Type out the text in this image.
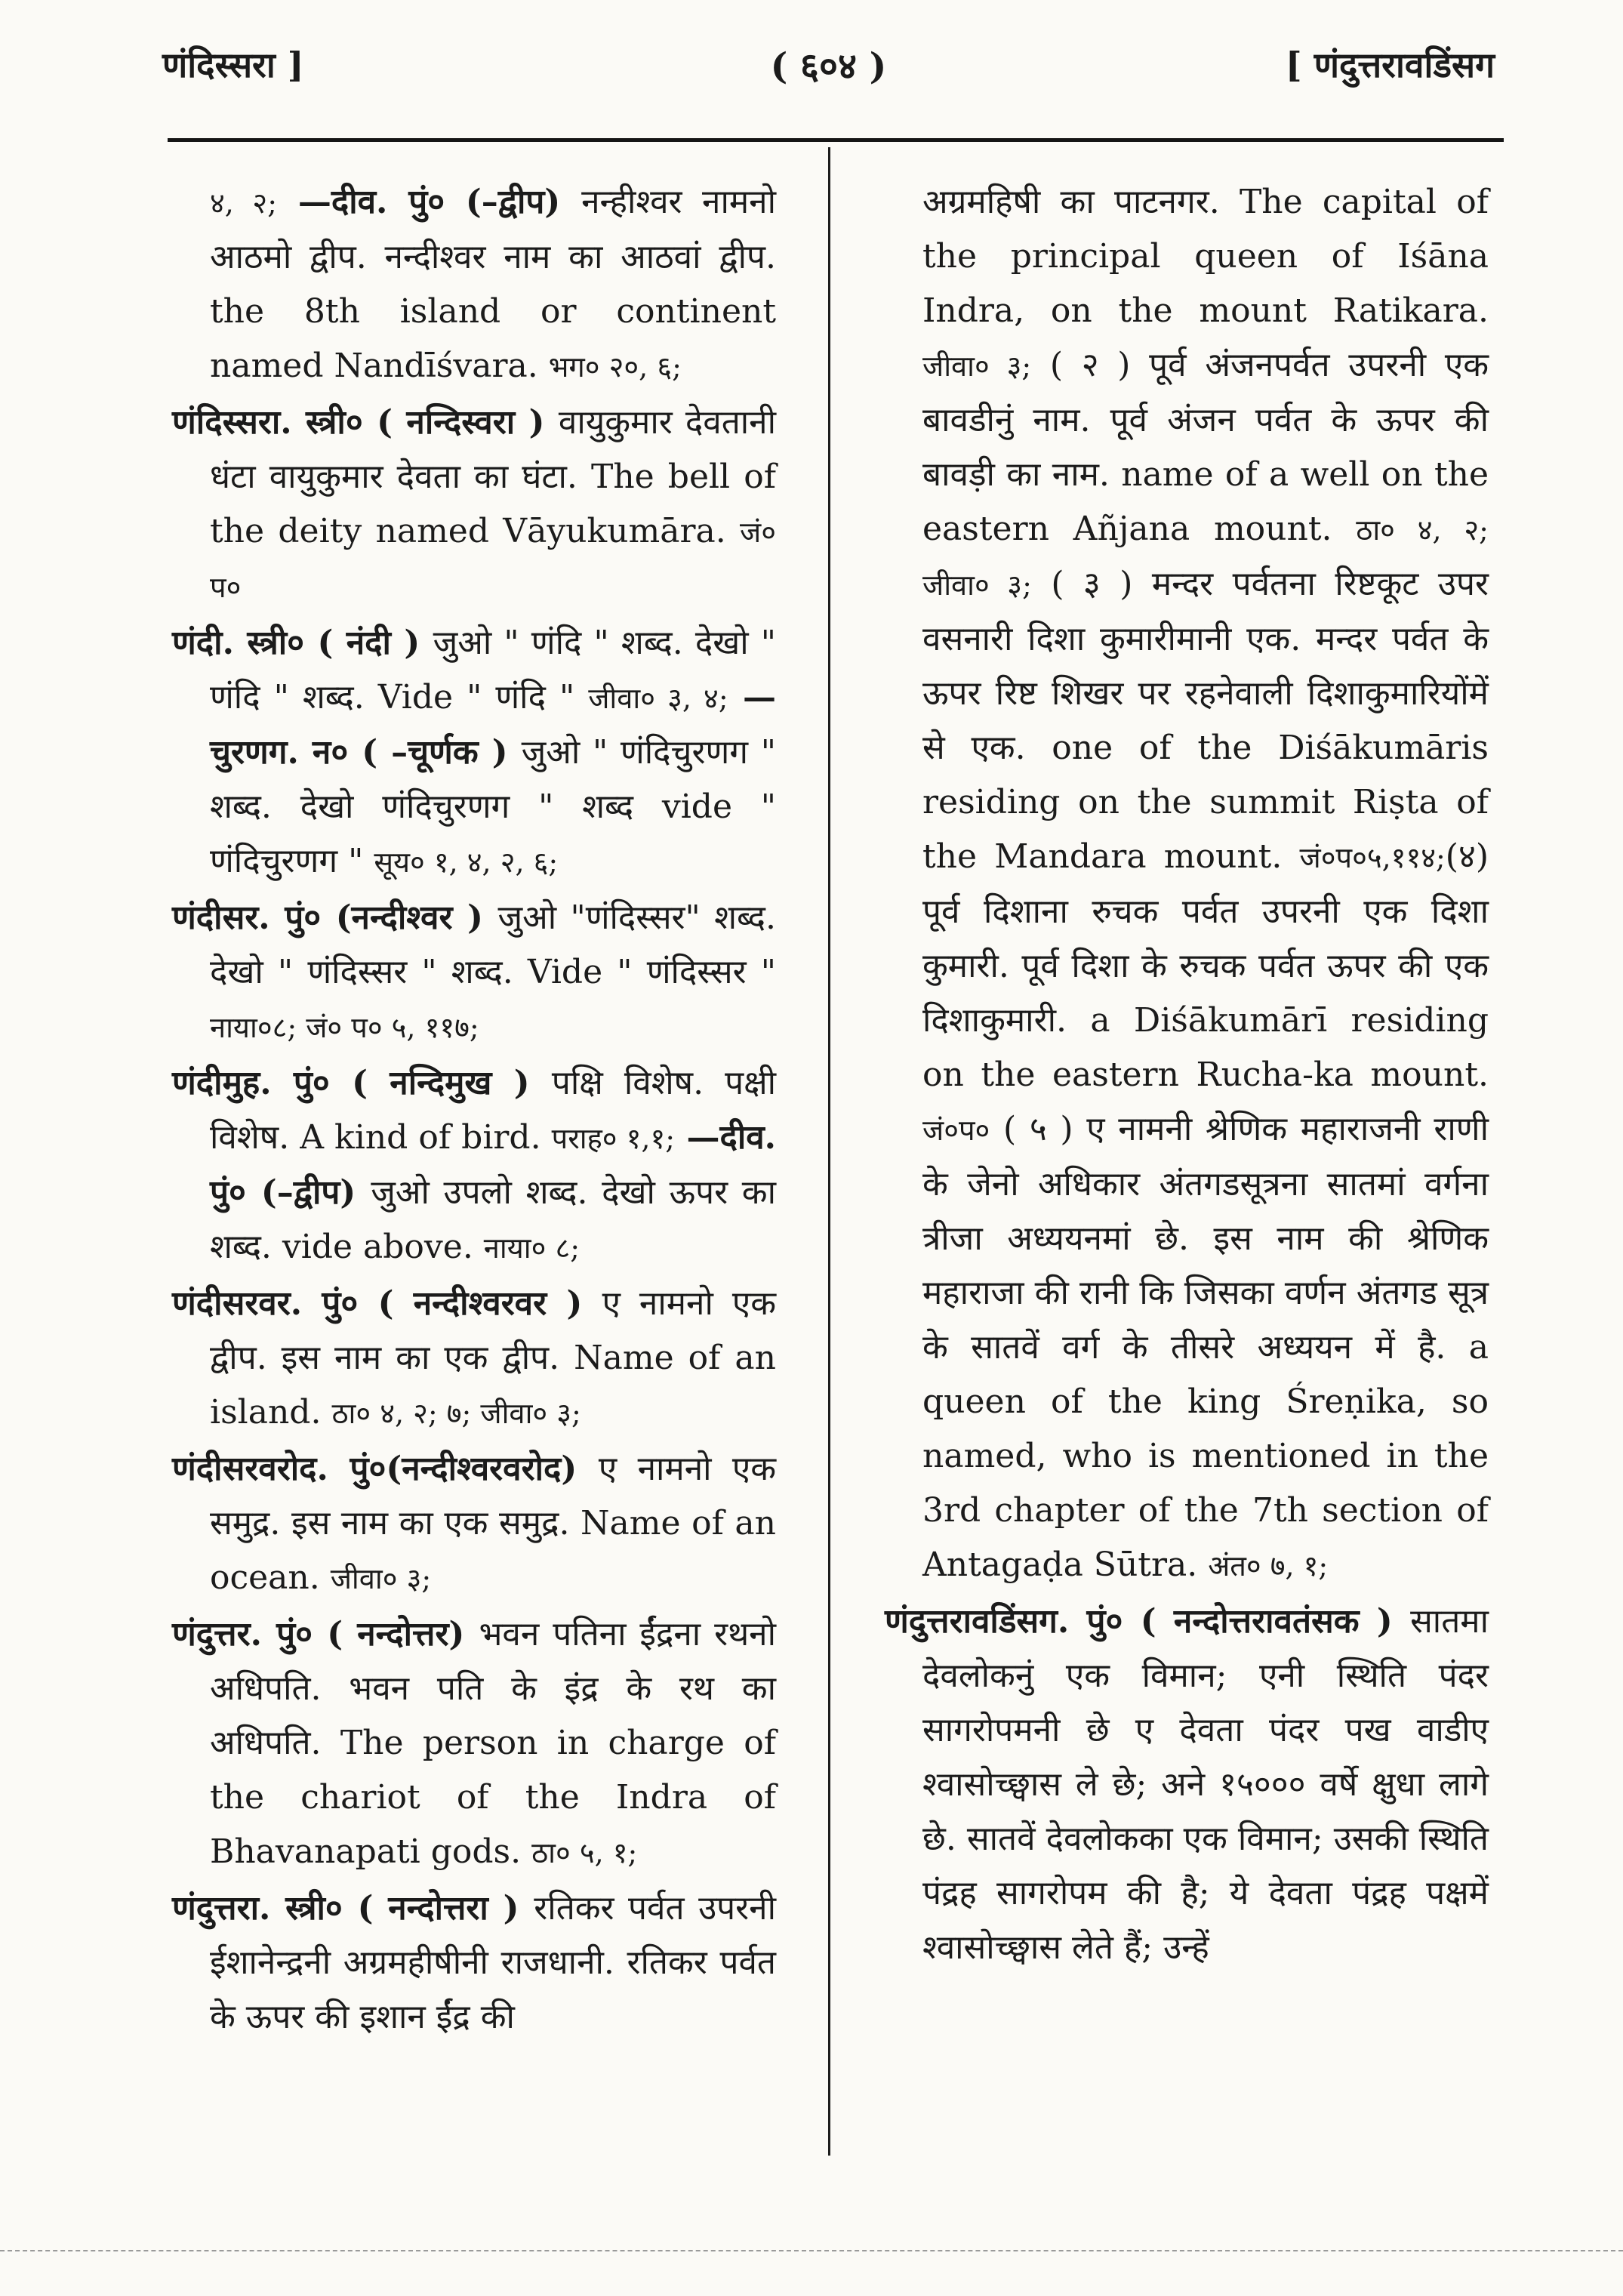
णंदिस्सरा ]	( ६०४ )	[ णंदुत्तरावडिंसग

४, २; —दीव. पुं० (–द्वीप) नन्हीश्वर नामनो आठमो द्वीप. नन्दीश्वर नाम का आठवां द्वीप. the 8th island or continent named Nandīśvara. भग० २०, ६;

णंदिस्सरा. स्त्री० ( नन्दिस्वरा ) वायुकुमार देवतानी धंटा वायुकुमार देवता का घंटा. The bell of the deity named Vāyukumāra. जं० प०

णंदी. स्त्री० ( नंदी ) जुओ " णंदि " शब्द. देखो " णंदि " शब्द. Vide " णंदि " जीवा० ३, ४; —चुरणग. न० ( –चूर्णक ) जुओ " णंदिचुरणग " शब्द. देखो णंदिचुरणग " शब्द vide " णंदिचुरणग " सूय० १, ४, २, ६;

णंदीसर. पुं० (नन्दीश्वर ) जुओ "णंदिस्सर" शब्द. देखो " णंदिस्सर " शब्द. Vide " णंदिस्सर " नाया०८; जं० प० ५, ११७;

णंदीमुह. पुं० ( नन्दिमुख ) पक्षि विशेष. पक्षी विशेष. A kind of bird. पराह० १,१; —दीव. पुं० (–द्वीप) जुओ उपलो शब्द. देखो ऊपर का शब्द. vide above. नाया० ८;

णंदीसरवर. पुं० ( नन्दीश्वरवर ) ए नामनो एक द्वीप. इस नाम का एक द्वीप. Name of an island. ठा० ४, २; ७; जीवा० ३;

णंदीसरवरोद. पुं०(नन्दीश्वरवरोद) ए नामनो एक समुद्र. इस नाम का एक समुद्र. Name of an ocean. जीवा० ३;

णंदुत्तर. पुं० ( नन्दोत्तर) भवन पतिना ईंद्रना रथनो अधिपति. भवन पति के इंद्र के रथ का अधिपति. The person in charge of the chariot of the Indra of Bhavanapati gods. ठा० ५, १;

णंदुत्तरा. स्त्री० ( नन्दोत्तरा ) रतिकर पर्वत उपरनी ईशानेन्द्रनी अग्रमहीषीनी राजधानी. रतिकर पर्वत के ऊपर की इशान ईंद्र की

अग्रमहिषी का पाटनगर. The capital of the principal queen of Iśāna Indra, on the mount Ratikara. जीवा० ३; ( २ ) पूर्व अंजनपर्वत उपरनी एक बावडीनुं नाम. पूर्व अंजन पर्वत के ऊपर की बावड़ी का नाम. name of a well on the eastern Añjana mount. ठा० ४, २; जीवा० ३; ( ३ ) मन्दर पर्वतना रिष्टकूट उपर वसनारी दिशा कुमारीमानी एक. मन्दर पर्वत के ऊपर रिष्ट शिखर पर रहनेवाली दिशाकुमारियोंमें से एक. one of the Diśākumāris residing on the summit Riṣta of the Mandara mount. जं०प०५,११४;(४) पूर्व दिशाना रुचक पर्वत उपरनी एक दिशा कुमारी. पूर्व दिशा के रुचक पर्वत ऊपर की एक दिशाकुमारी. a Diśākumārī residing on the eastern Rucha-ka mount. जं०प० ( ५ ) ए नामनी श्रेणिक महाराजनी राणी के जेनो अधिकार अंतगडसूत्रना सातमां वर्गना त्रीजा अध्ययनमां छे. इस नाम की श्रेणिक महाराजा की रानी कि जिसका वर्णन अंतगड सूत्र के सातवें वर्ग के तीसरे अध्ययन में है. a queen of the king Śreṇika, so named, who is mentioned in the 3rd chapter of the 7th section of Antagaḍa Sūtra. अंत० ७, १;

णंदुत्तरावडिंसग. पुं० ( नन्दोत्तरावतंसक ) सातमा देवलोकनुं एक विमान; एनी स्थिति पंदर सागरोपमनी छे ए देवता पंदर पख वाडीए श्वासोच्छ्वास ले छे; अने १५००० वर्षे क्षुधा लागे छे. सातवें देवलोकका एक विमान; उसकी स्थिति पंद्रह सागरोपम की है; ये देवता पंद्रह पक्षमें श्वासोच्छ्वास लेते हैं; उन्हें
